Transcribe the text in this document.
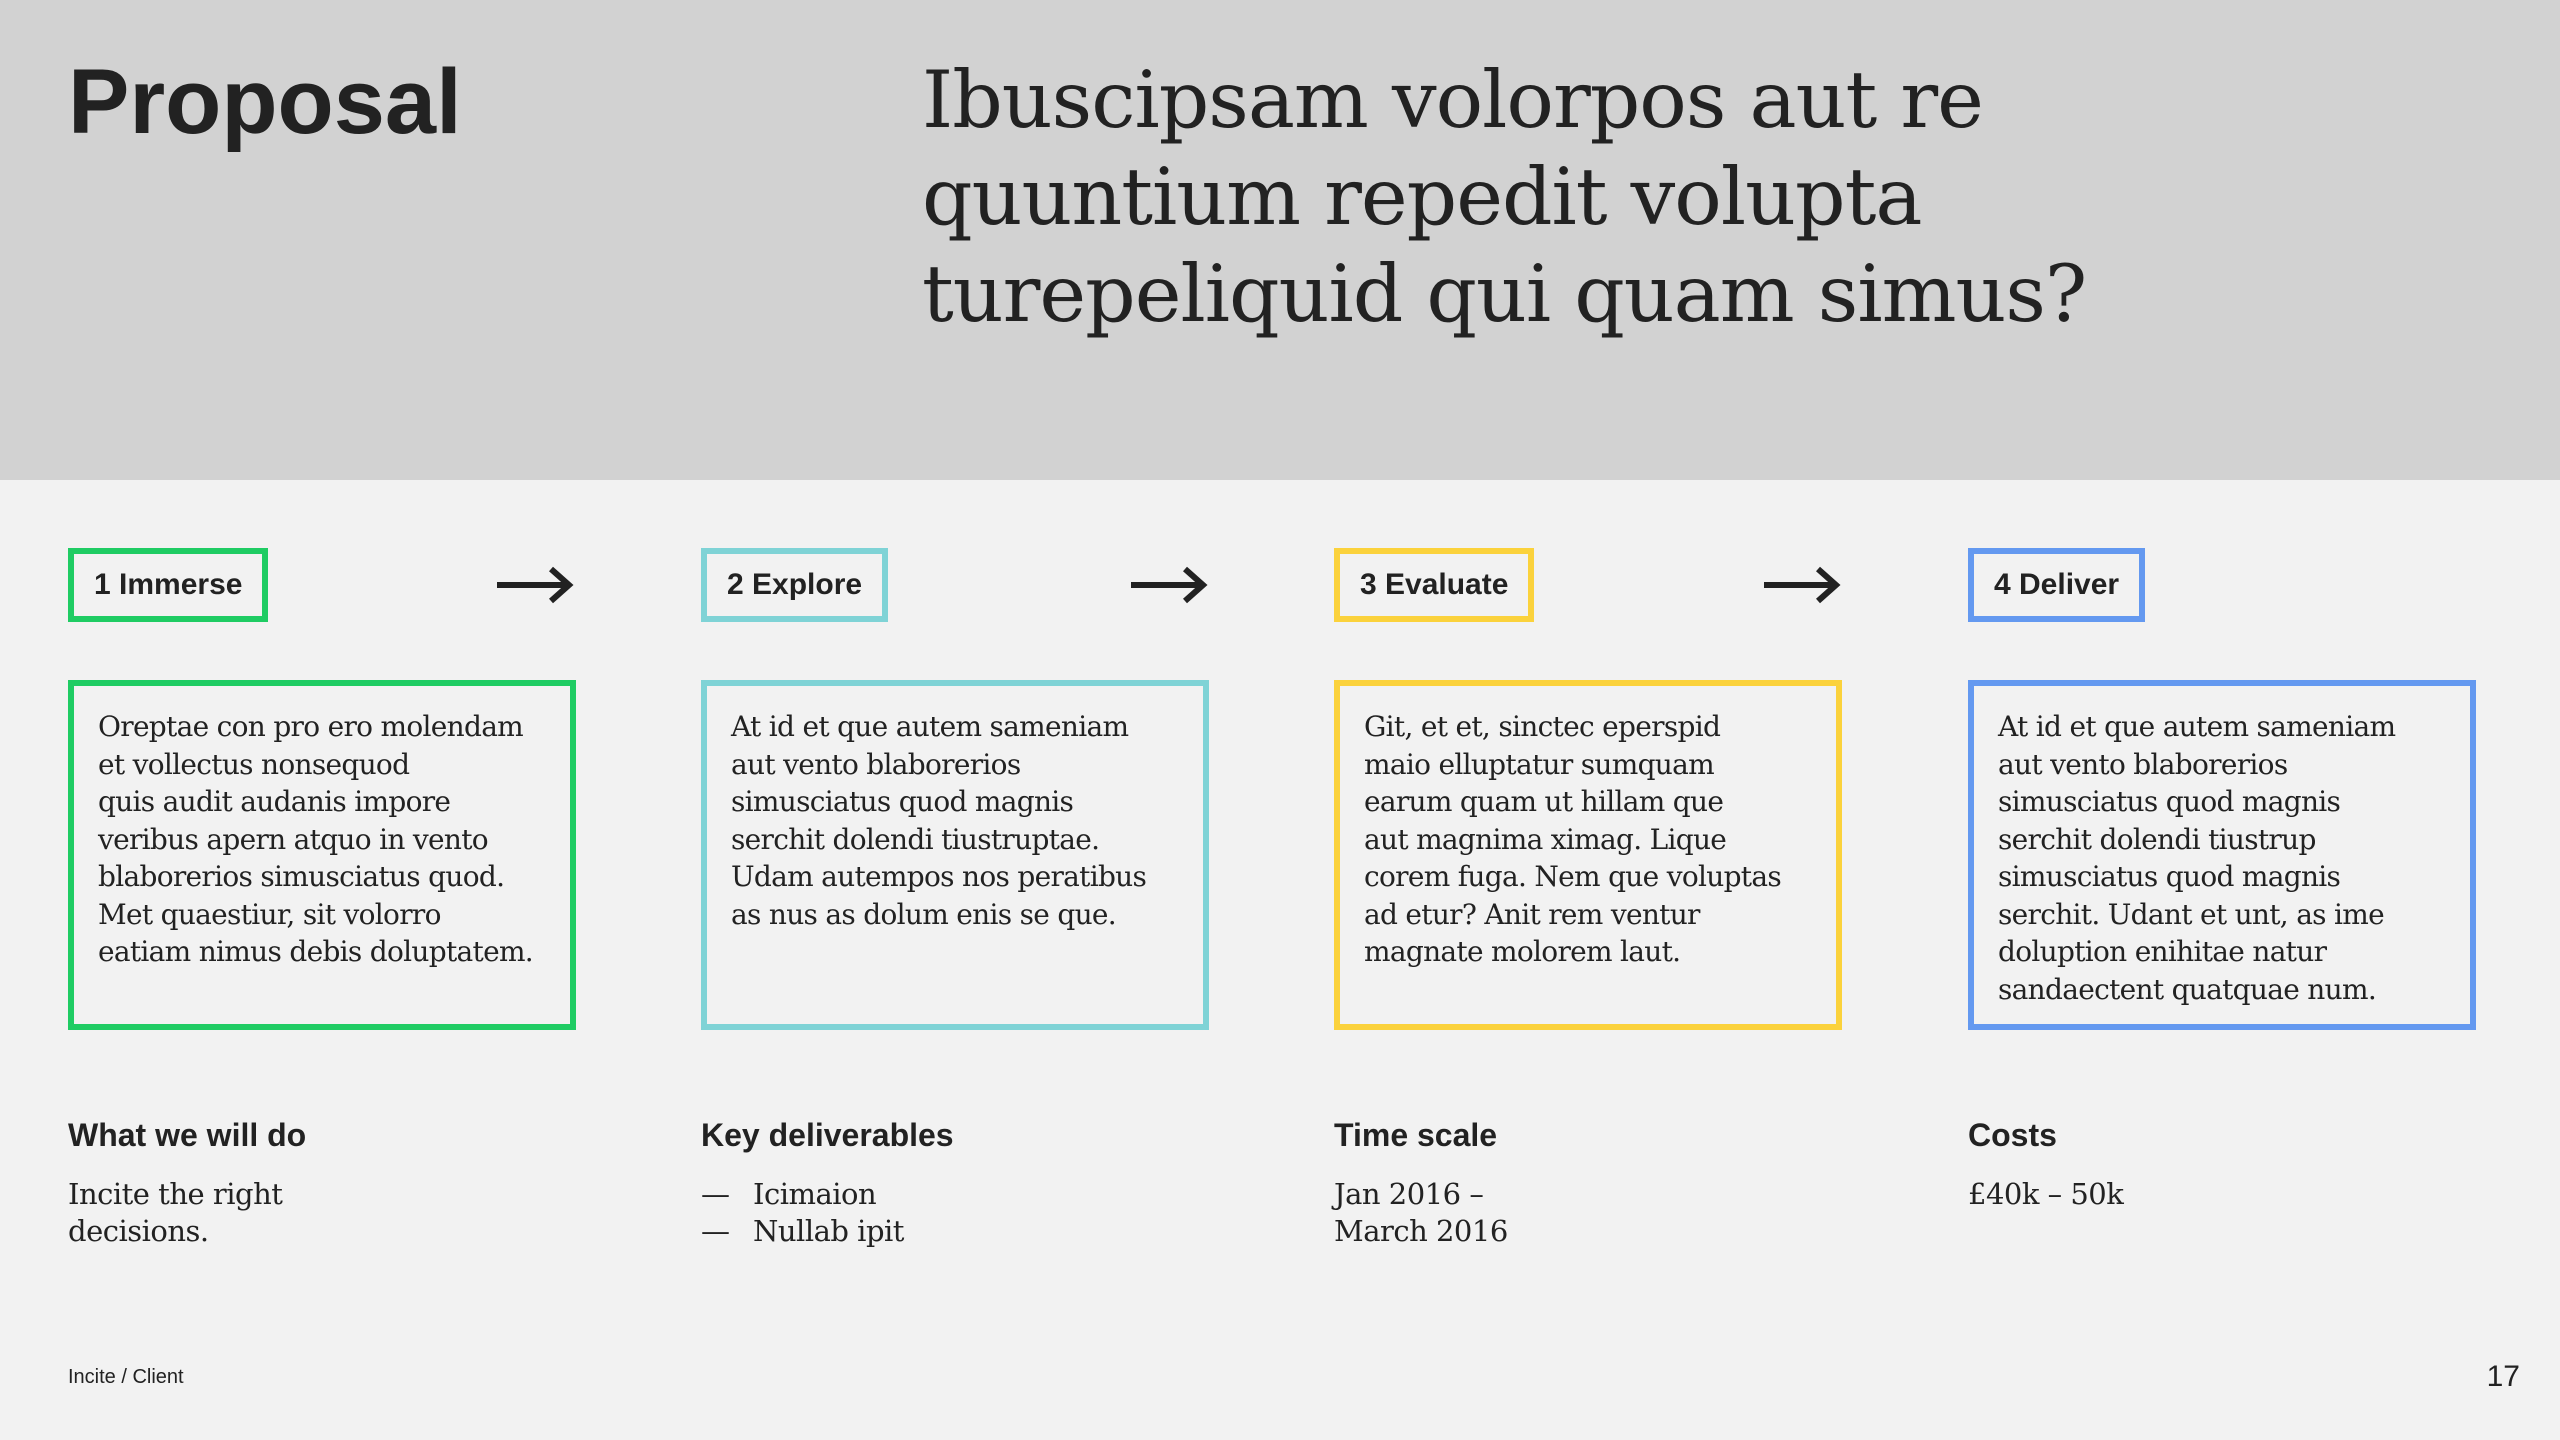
Proposal	Ibuscipsam volorpos aut re
quuntium repedit volupta
turepeliquid qui quam simus?
1 Immerse	2 Explore	3 Evaluate	4 Deliver

Oreptae con pro ero molendam
et vollectus nonsequod
quis audit audanis impore
veribus apern atquo in vento
blaborerios simusciatus quod.
Met quaestiur, sit volorro
eatiam nimus debis doluptatem.

At id et que autem sameniam
aut vento blaborerios
simusciatus quod magnis
serchit dolendi tiustruptae.
Udam autempos nos peratibus
as nus as dolum enis se que.

Git, et et, sinctec eperspid
maio elluptatur sumquam
earum quam ut hillam que
aut magnima ximag. Lique
corem fuga. Nem que voluptas
ad etur? Anit rem ventur
magnate molorem laut.

At id et que autem sameniam
aut vento blaborerios
simusciatus quod magnis
serchit dolendi tiustrup
simusciatus quod magnis
serchit. Udant et unt, as ime
doluption enihitae natur
sandaectent quatquae num.

What we will do

Incite the right
decisions.

Key deliverables
— Icimaion
— Nullab ipit
Time scale

Jan 2016 –
March 2016

Costs

£40k – 50k

Incite / Client	17
